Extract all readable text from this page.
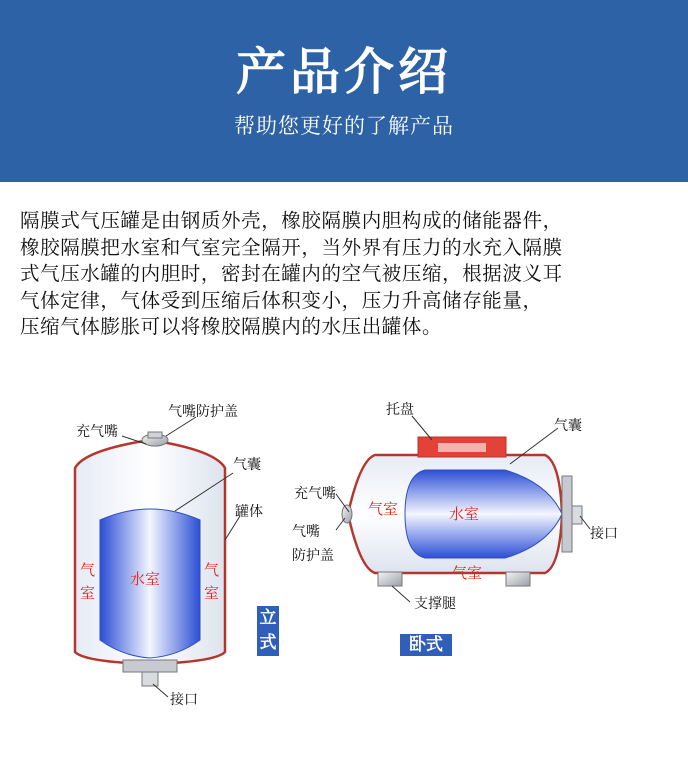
产品介绍
帮助您更好的了解产品
隔膜式气压罐是由钢质外壳，橡胶隔膜内胆构成的储能器件，
橡胶隔膜把水室和气室完全隔开，当外界有压力的水充入隔膜
式气压水罐的内胆时，密封在罐内的空气被压缩，根据波义耳
气体定律，气体受到压缩后体积变小，压力升高储存能量，
压缩气体膨胀可以将橡胶隔膜内的水压出罐体。
气嘴防护盖
充气嘴
气囊
罐体
水室
气室
气室
接口
托盘
气囊
充气嘴
气室	水室
接口
气嘴防护盖
气室
支撑腿
立
式	卧式
